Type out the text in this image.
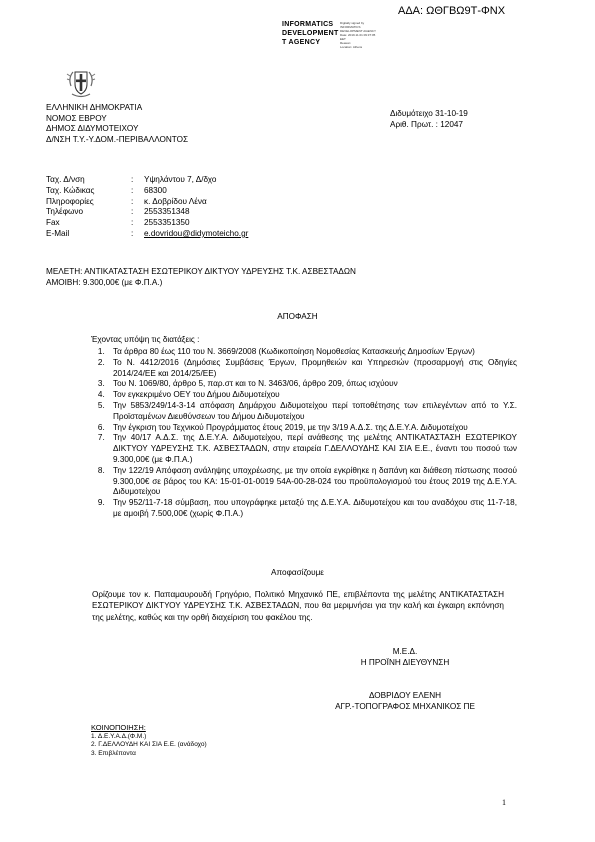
ΑΔΑ: ΩΘΓΒΩ9Τ-ΦΝΧ
INFORMATICS
DEVELOPMENT
T AGENCY
Digitally signed by
INFORMATICS
DEVELOPMENT AGENCY
Date: 2019.11.01 09:37:05
EET
Reason:
Location: Athens
ΕΛΛΗΝΙΚΗ ΔΗΜΟΚΡΑΤΙΑ
ΝΟΜΟΣ ΕΒΡΟΥ
ΔΗΜΟΣ ΔΙΔΥΜΟΤΕΙΧΟΥ
Δ/ΝΣΗ Τ.Υ.-Υ.ΔΟΜ.-ΠΕΡΙΒΑΛΛΟΝΤΟΣ
Διδυμότειχο 31-10-19
Αριθ. Πρωτ. : 12047
Ταχ. Δ/νση	: Υψηλάντου 7, Δ/δχο
Ταχ. Κώδικας	: 68300
Πληροφορίες	: κ. Δοβρίδου Λένα
Τηλέφωνο	: 2553351348
Fax	: 2553351350
E-Mail	: e.dovridou@didymoteicho.gr
ΜΕΛΕΤΗ: ΑΝΤΙΚΑΤΑΣΤΑΣΗ ΕΣΩΤΕΡΙΚΟΥ ΔΙΚΤΥΟΥ ΥΔΡΕΥΣΗΣ Τ.Κ. ΑΣΒΕΣΤΑΔΩΝ
ΑΜΟΙΒΗ: 9.300,00€ (με Φ.Π.Α.)
ΑΠΟΦΑΣΗ
Έχοντας υπόψη τις διατάξεις :
1. Τα άρθρα 80 έως 110 του Ν. 3669/2008 (Κωδικοποίηση Νομοθεσίας Κατασκευής Δημοσίων Έργων)
2. Το Ν. 4412/2016 (Δημόσιες Συμβάσεις Έργων, Προμηθειών και Υπηρεσιών (προσαρμογή στις Οδηγίες 2014/24/ΕΕ και 2014/25/ΕΕ)
3. Του Ν. 1069/80, άρθρο 5, παρ.στ και το Ν. 3463/06, άρθρο 209, όπως ισχύουν
4. Τον εγκεκριμένο ΟΕΥ του Δήμου Διδυμοτείχου
5. Την 5853/249/14-3-14 απόφαση Δημάρχου Διδυμοτείχου περί τοποθέτησης των επιλεγέντων από το Υ.Σ. Προϊσταμένων Διευθύνσεων του Δήμου Διδυμοτείχου
6. Την έγκριση του Τεχνικού Προγράμματος έτους 2019, με την 3/19 Α.Δ.Σ. της Δ.Ε.Υ.Α. Διδυμοτείχου
7. Την 40/17 Α.Δ.Σ. της Δ.Ε.Υ.Α. Διδυμοτείχου, περί ανάθεσης της μελέτης ΑΝΤΙΚΑΤΑΣΤΑΣΗ ΕΣΩΤΕΡΙΚΟΥ ΔΙΚΤΥΟΥ ΥΔΡΕΥΣΗΣ Τ.Κ. ΑΣΒΕΣΤΑΔΩΝ, στην εταιρεία Γ.ΔΕΛΛΟΥΔΗΣ ΚΑΙ ΣΙΑ Ε.Ε., έναντι του ποσού των 9.300,00€ (με Φ.Π.Α.)
8. Την 122/19 Απόφαση ανάληψης υποχρέωσης, με την οποία εγκρίθηκε η δαπάνη και διάθεση πίστωσης ποσού 9.300,00€ σε βάρος του ΚΑ: 15-01-01-0019 54Α-00-28-024 του προϋπολογισμού του έτους 2019 της Δ.Ε.Υ.Α. Διδυμοτείχου
9. Την 952/11-7-18 σύμβαση, που υπογράφηκε μεταξύ της Δ.Ε.Υ.Α. Διδυμοτείχου και του αναδόχου στις 11-7-18, με αμοιβή 7.500,00€ (χωρίς Φ.Π.Α.)
Αποφασίζουμε
Ορίζουμε τον κ. Παπαμαυρουδή Γρηγόριο, Πολιτικό Μηχανικό ΠΕ, επιβλέποντα της μελέτης ΑΝΤΙΚΑΤΑΣΤΑΣΗ ΕΣΩΤΕΡΙΚΟΥ ΔΙΚΤΥΟΥ ΥΔΡΕΥΣΗΣ Τ.Κ. ΑΣΒΕΣΤΑΔΩΝ, που θα μεριμνήσει για την καλή και έγκαιρη εκπόνηση της μελέτης, καθώς και την ορθή διαχείριση του φακέλου της.
Μ.Ε.Δ.
Η ΠΡΟΪΝΗ ΔΙΕΥΘΥΝΣΗ
ΔΟΒΡΙΔΟΥ ΕΛΕΝΗ
ΑΓΡ.-ΤΟΠΟΓΡΑΦΟΣ ΜΗΧΑΝΙΚΟΣ ΠΕ
ΚΟΙΝΟΠΟΙΗΣΗ:
1. Δ.Ε.Υ.Α.Δ.(Φ.Μ.)
2. Γ.ΔΕΛΛΟΥΔΗ ΚΑΙ ΣΙΑ Ε.Ε. (ανάδοχο)
3. Επιβλέποντα
1
